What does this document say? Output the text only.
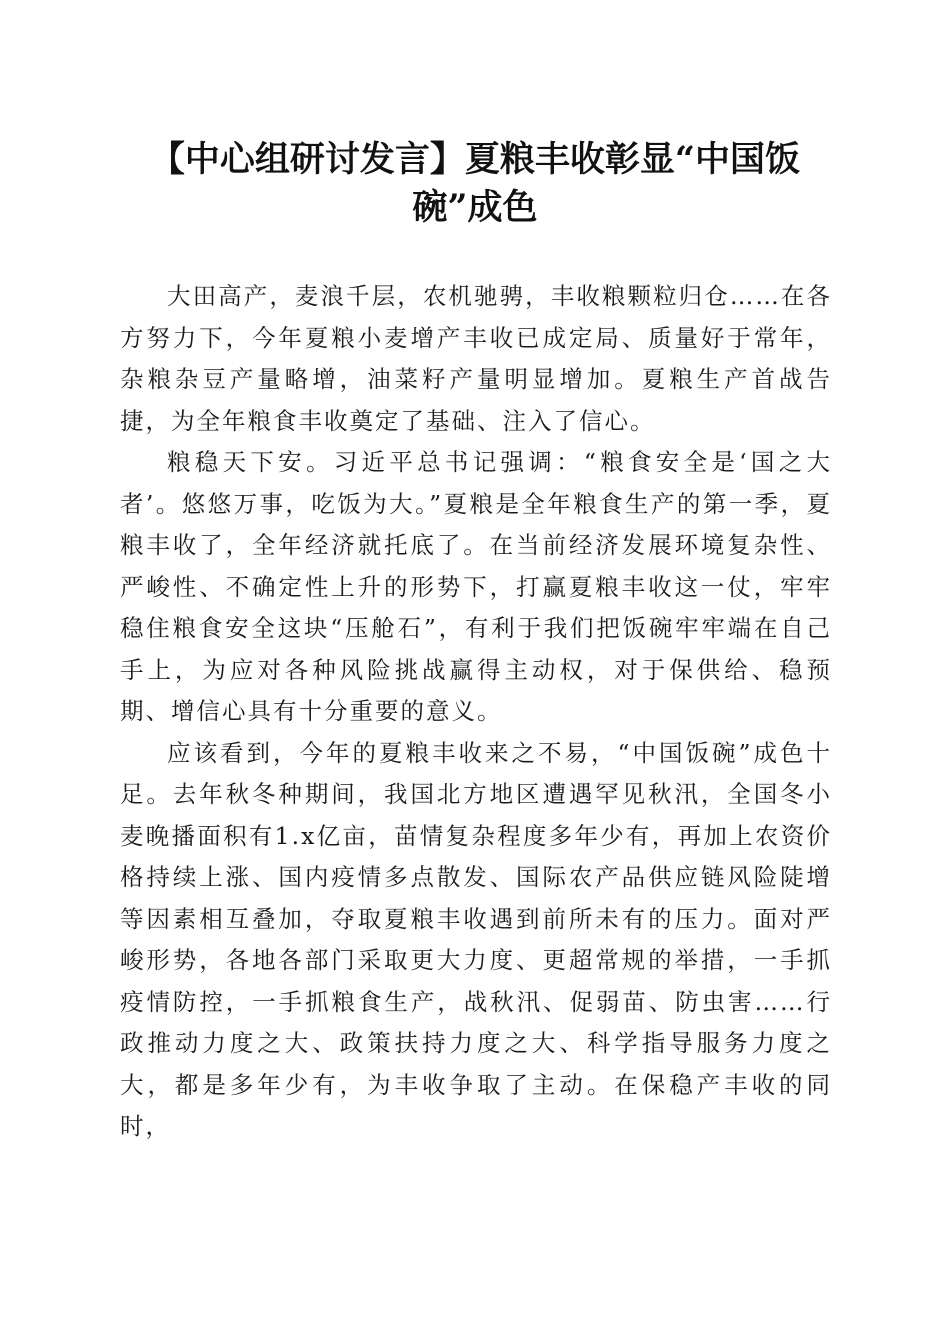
【中心组研讨发言】夏粮丰收彰显“中国饭
碗”成色

大田高产，麦浪千层，农机驰骋，丰收粮颗粒归仓……在各方努力下，今年夏粮小麦增产丰收已成定局、质量好于常年，杂粮杂豆产量略增，油菜籽产量明显增加。夏粮生产首战告捷，为全年粮食丰收奠定了基础、注入了信心。

粮稳天下安。习近平总书记强调：“粮食安全是‘国之大者’。悠悠万事，吃饭为大。”夏粮是全年粮食生产的第一季，夏粮丰收了，全年经济就托底了。在当前经济发展环境复杂性、严峻性、不确定性上升的形势下，打赢夏粮丰收这一仗，牢牢稳住粮食安全这块“压舱石”，有利于我们把饭碗牢牢端在自己手上，为应对各种风险挑战赢得主动权，对于保供给、稳预期、增信心具有十分重要的意义。

应该看到，今年的夏粮丰收来之不易，“中国饭碗”成色十足。去年秋冬种期间，我国北方地区遭遇罕见秋汛，全国冬小麦晚播面积有1.x亿亩，苗情复杂程度多年少有，再加上农资价格持续上涨、国内疫情多点散发、国际农产品供应链风险陡增等因素相互叠加，夺取夏粮丰收遇到前所未有的压力。面对严峻形势，各地各部门采取更大力度、更超常规的举措，一手抓疫情防控，一手抓粮食生产，战秋汛、促弱苗、防虫害……行政推动力度之大、政策扶持力度之大、科学指导服务力度之大，都是多年少有，为丰收争取了主动。在保稳产丰收的同时，
